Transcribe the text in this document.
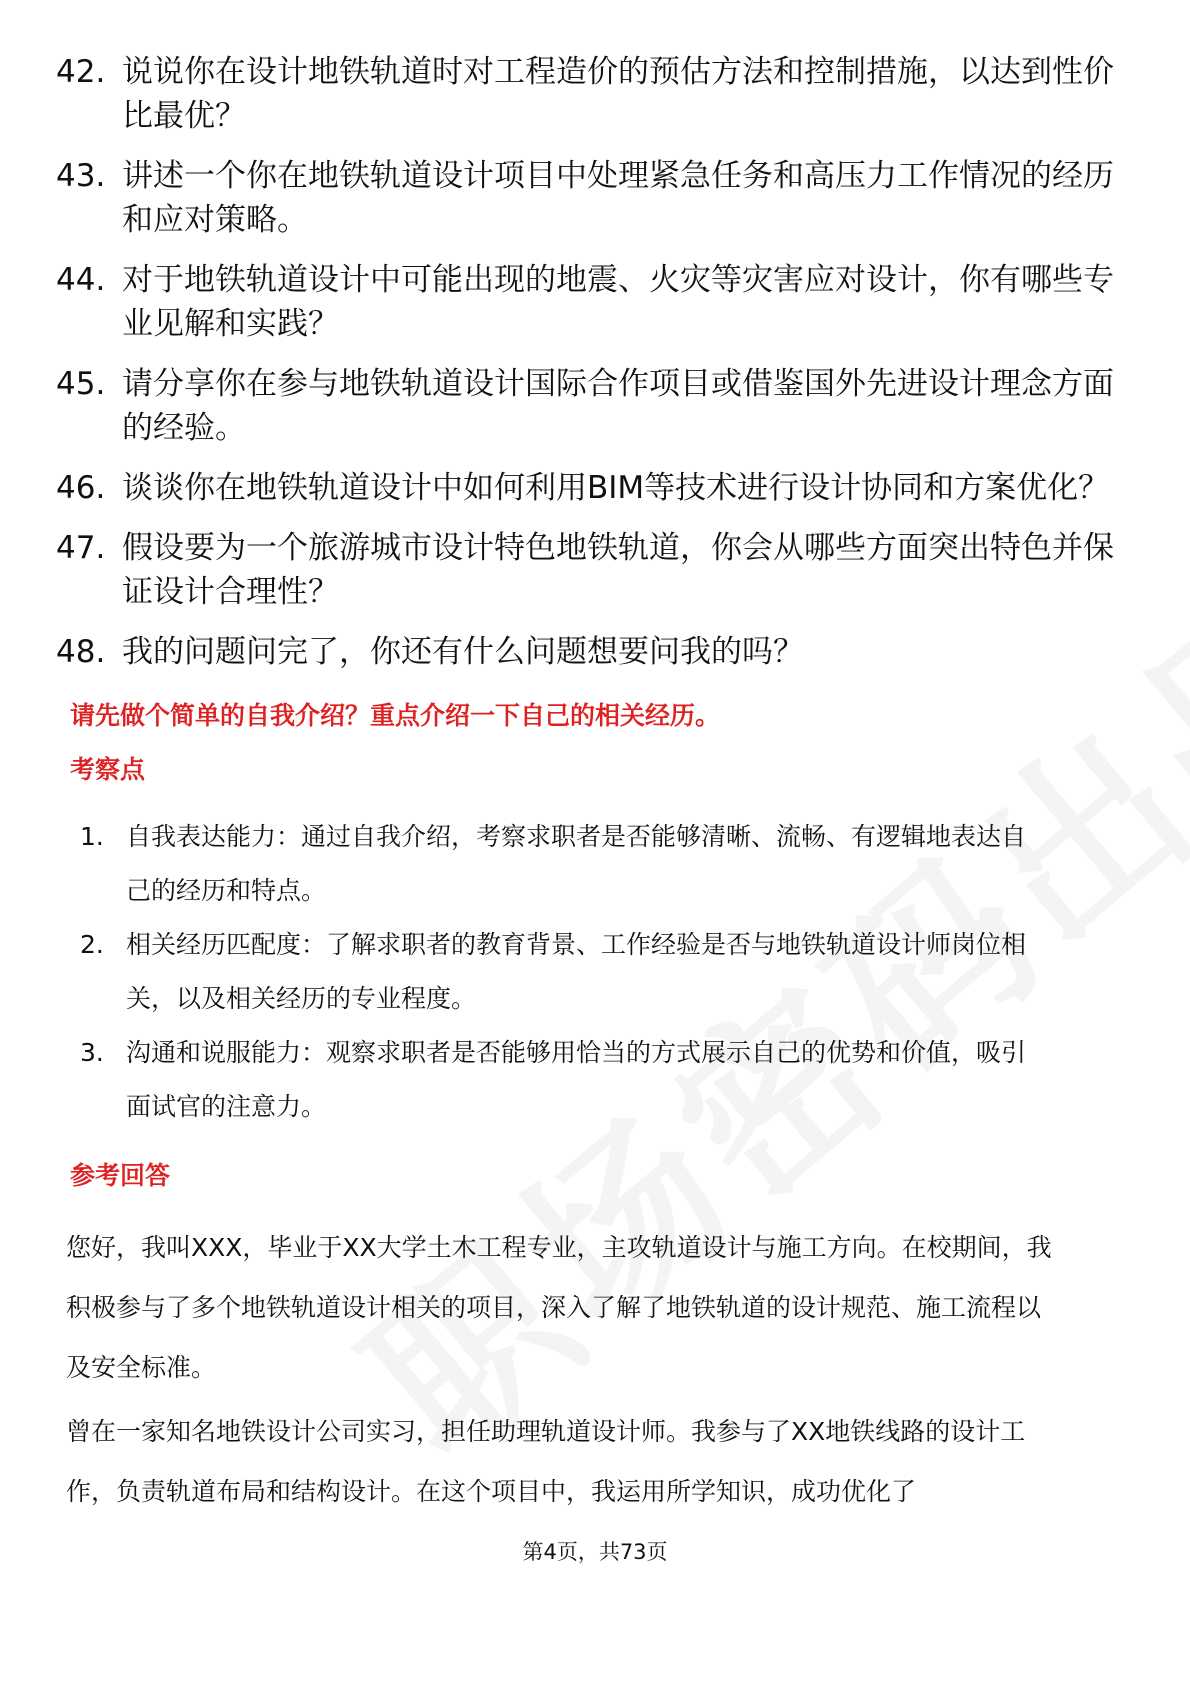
42. 说说你在设计地铁轨道时对工程造价的预估方法和控制措施，以达到性价比最优？
43. 讲述一个你在地铁轨道设计项目中处理紧急任务和高压力工作情况的经历和应对策略。
44. 对于地铁轨道设计中可能出现的地震、火灾等灾害应对设计，你有哪些专业见解和实践？
45. 请分享你在参与地铁轨道设计国际合作项目或借鉴国外先进设计理念方面的经验。
46. 谈谈你在地铁轨道设计中如何利用BIM等技术进行设计协同和方案优化？
47. 假设要为一个旅游城市设计特色地铁轨道，你会从哪些方面突出特色并保证设计合理性？
48. 我的问题问完了，你还有什么问题想要问我的吗？
请先做个简单的自我介绍？重点介绍一下自己的相关经历。
考察点
1. 自我表达能力：通过自我介绍，考察求职者是否能够清晰、流畅、有逻辑地表达自己的经历和特点。
2. 相关经历匹配度：了解求职者的教育背景、工作经验是否与地铁轨道设计师岗位相关，以及相关经历的专业程度。
3. 沟通和说服能力：观察求职者是否能够用恰当的方式展示自己的优势和价值，吸引面试官的注意力。
参考回答
您好，我叫XXX，毕业于XX大学土木工程专业，主攻轨道设计与施工方向。在校期间，我积极参与了多个地铁轨道设计相关的项目，深入了解了地铁轨道的设计规范、施工流程以及安全标准。
曾在一家知名地铁设计公司实习，担任助理轨道设计师。我参与了XX地铁线路的设计工作，负责轨道布局和结构设计。在这个项目中，我运用所学知识，成功优化了
第4页，共73页
